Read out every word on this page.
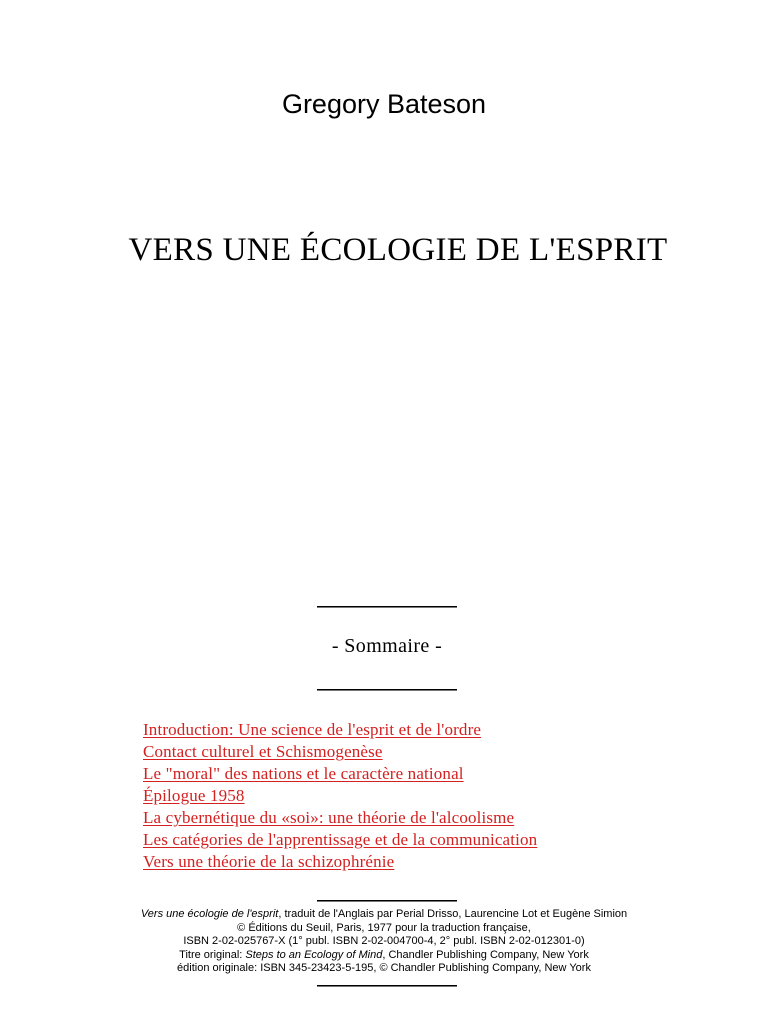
Gregory Bateson
VERS UNE ÉCOLOGIE DE L'ESPRIT
- Sommaire -
Introduction: Une science de l'esprit et de l'ordre
Contact culturel et Schismogenèse
Le "moral" des nations et le caractère national
Épilogue 1958
La cybernétique du «soi»: une théorie de l'alcoolisme
Les catégories de l'apprentissage et de la communication
Vers une théorie de la schizophrénie
Vers une écologie de l'esprit, traduit de l'Anglais par Perial Drisso, Laurencine Lot et Eugène Simion
© Éditions du Seuil, Paris, 1977 pour la traduction française,
ISBN 2-02-025767-X (1° publ. ISBN 2-02-004700-4, 2° publ. ISBN 2-02-012301-0)
Titre original: Steps to an Ecology of Mind, Chandler Publishing Company, New York
édition originale: ISBN 345-23423-5-195, © Chandler Publishing Company, New York
